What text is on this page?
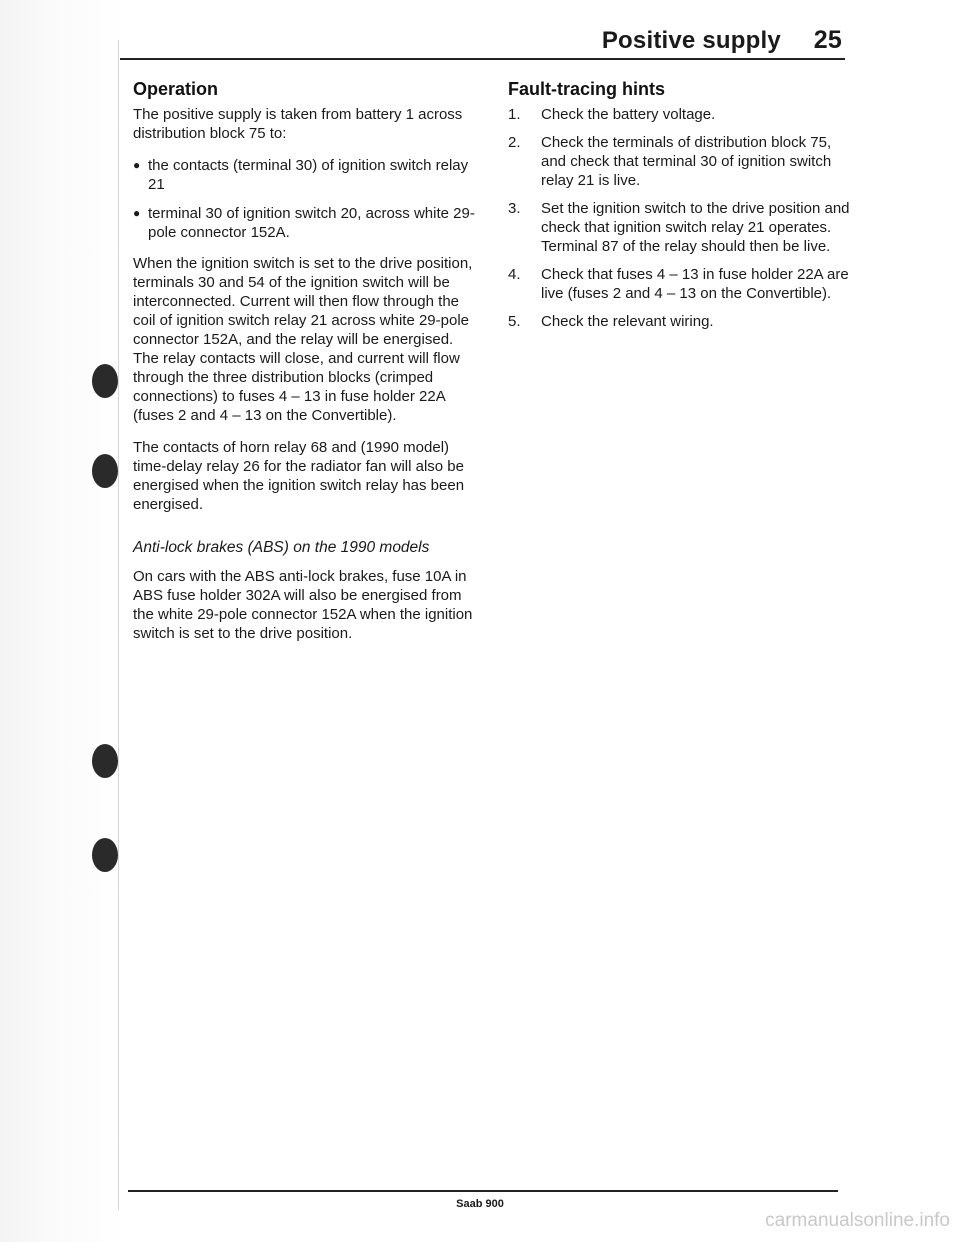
Positive supply 25
Operation

The positive supply is taken from battery 1 across distribution block 75 to:

● the contacts (terminal 30) of ignition switch relay 21
● terminal 30 of ignition switch 20, across white 29-pole connector 152A.

When the ignition switch is set to the drive position, terminals 30 and 54 of the ignition switch will be interconnected. Current will then flow through the coil of ignition switch relay 21 across white 29-pole connector 152A, and the relay will be energised. The relay contacts will close, and current will flow through the three distribution blocks (crimped connections) to fuses 4 – 13 in fuse holder 22A (fuses 2 and 4 – 13 on the Convertible).

The contacts of horn relay 68 and (1990 model) time-delay relay 26 for the radiator fan will also be energised when the ignition switch relay has been energised.

Anti-lock brakes (ABS) on the 1990 models

On cars with the ABS anti-lock brakes, fuse 10A in ABS fuse holder 302A will also be energised from the white 29-pole connector 152A when the ignition switch is set to the drive position.

Fault-tracing hints
1. Check the battery voltage.
2. Check the terminals of distribution block 75, and check that terminal 30 of ignition switch relay 21 is live.
3. Set the ignition switch to the drive position and check that ignition switch relay 21 operates. Terminal 87 of the relay should then be live.
4. Check that fuses 4 – 13 in fuse holder 22A are live (fuses 2 and 4 – 13 on the Convertible).
5. Check the relevant wiring.
Saab 900
carmanualsonline.info
